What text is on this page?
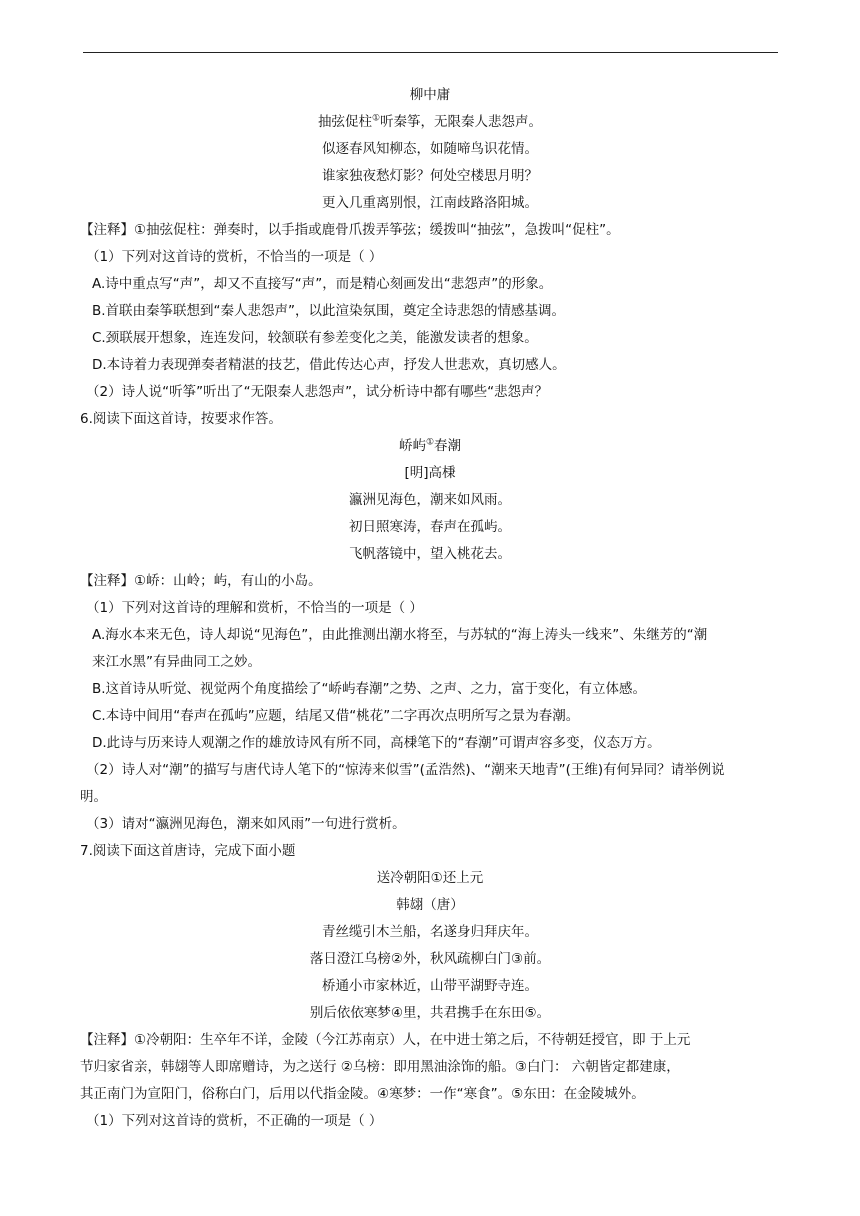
柳中庸
抽弦促柱①听秦筝，无限秦人悲怨声。
似逐春风知柳态，如随啼鸟识花情。
谁家独夜愁灯影？何处空楼思月明？
更入几重离别恨，江南歧路洛阳城。
【注释】①抽弦促柱：弹奏时，以手指或鹿骨爪拨弄筝弦；缓拨叫“抽弦”，急拨叫“促柱”。
（1）下列对这首诗的赏析，不恰当的一项是（ ）
A.诗中重点写“声”，却又不直接写“声”，而是精心刻画发出“悲怨声”的形象。
B.首联由秦筝联想到“秦人悲怨声”，以此渲染氛围，奠定全诗悲怨的情感基调。
C.颈联展开想象，连连发问，较颔联有参差变化之美，能激发读者的想象。
D.本诗着力表现弹奏者精湛的技艺，借此传达心声，抒发人世悲欢，真切感人。
（2）诗人说“听筝”听出了“无限秦人悲怨声”，试分析诗中都有哪些“悲怨声？
6.阅读下面这首诗，按要求作答。
峤屿①春潮
[明]高棅
瀛洲见海色，潮来如风雨。
初日照寒涛，春声在孤屿。
飞帆落镜中，望入桃花去。
【注释】①峤：山岭；屿，有山的小岛。
（1）下列对这首诗的理解和赏析，不恰当的一项是（ ）
A.海水本来无色，诗人却说“见海色”，由此推测出潮水将至，与苏轼的“海上涛头一线来”、朱继芳的“潮
来江水黑”有异曲同工之妙。
B.这首诗从听觉、视觉两个角度描绘了“峤屿春潮”之势、之声、之力，富于变化，有立体感。
C.本诗中间用“春声在孤屿”应题，结尾又借“桃花”二字再次点明所写之景为春潮。
D.此诗与历来诗人观潮之作的雄放诗风有所不同，高棅笔下的“春潮”可谓声容多变，仪态万方。
（2）诗人对“潮”的描写与唐代诗人笔下的“惊涛来似雪”(孟浩然)、“潮来天地青”(王维)有何异同？请举例说
明。
（3）请对“瀛洲见海色，潮来如风雨”一句进行赏析。
7.阅读下面这首唐诗，完成下面小题
送冷朝阳①还上元
韩翃（唐）
青丝缆引木兰船，名遂身归拜庆年。
落日澄江乌榜②外，秋风疏柳白门③前。
桥通小市家林近，山带平湖野寺连。
别后依依寒梦④里，共君携手在东田⑤。
【注释】①冷朝阳：生卒年不详，金陵（今江苏南京）人，在中进士第之后，不待朝廷授官，即 于上元
节归家省亲，韩翃等人即席赠诗，为之送行 ②乌榜：即用黑油涂饰的船。③白门： 六朝皆定都建康，
其正南门为宣阳门，俗称白门，后用以代指金陵。④寒梦：一作“寒食”。⑤东田：在金陵城外。
（1）下列对这首诗的赏析，不正确的一项是（ ）
